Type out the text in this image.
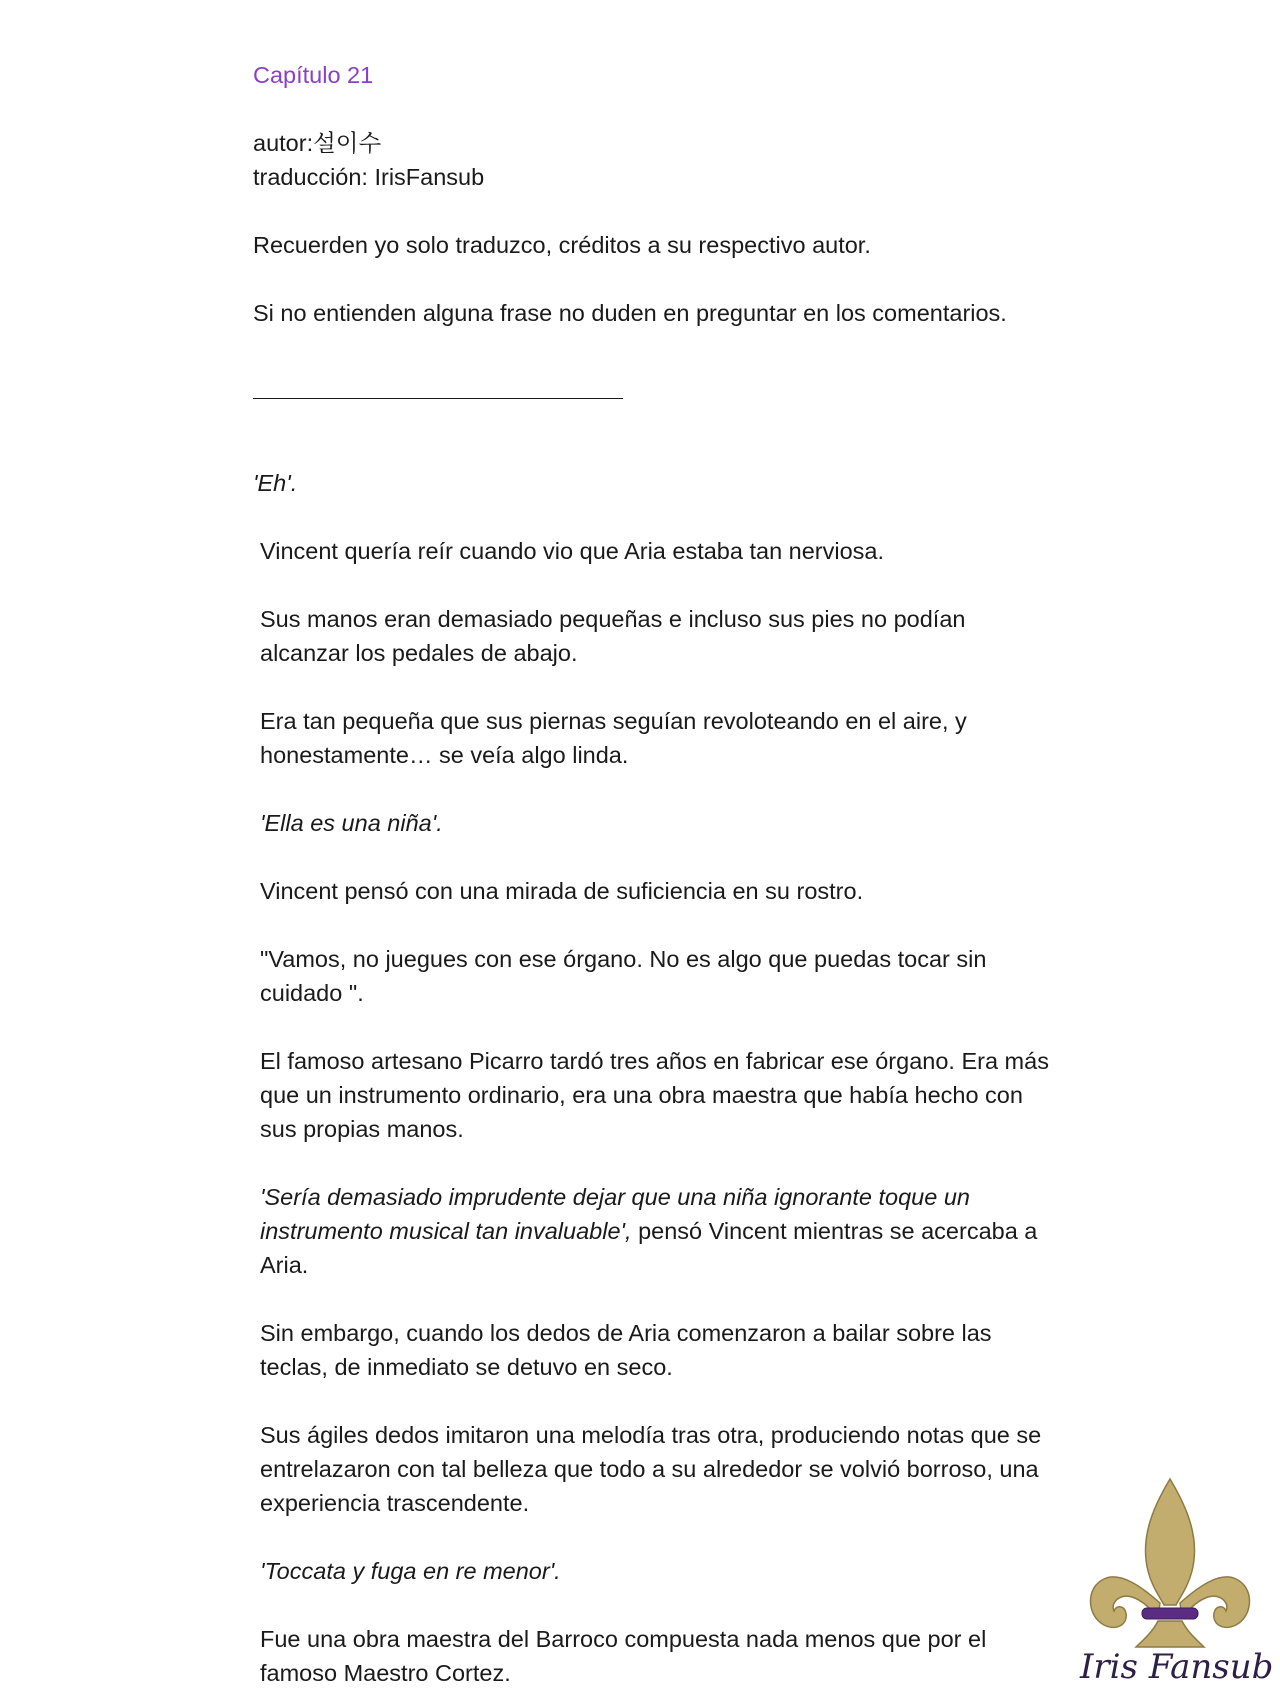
Capítulo 21

autor:설이수

traducción: IrisFansub

Recuerden yo solo traduzco, créditos a su respectivo autor.

Si no entienden alguna frase no duden en preguntar en los comentarios.

'Eh'.

Vincent quería reír cuando vio que Aria estaba tan nerviosa.

Sus manos eran demasiado pequeñas e incluso sus pies no podían alcanzar los pedales de abajo.

Era tan pequeña que sus piernas seguían revoloteando en el aire, y honestamente… se veía algo linda.

'Ella es una niña'.

Vincent pensó con una mirada de suficiencia en su rostro.

"Vamos, no juegues con ese órgano. No es algo que puedas tocar sin cuidado ".

El famoso artesano Picarro tardó tres años en fabricar ese órgano. Era más que un instrumento ordinario, era una obra maestra que había hecho con sus propias manos.

'Sería demasiado imprudente dejar que una niña ignorante toque un instrumento musical tan invaluable', pensó Vincent mientras se acercaba a Aria.

Sin embargo, cuando los dedos de Aria comenzaron a bailar sobre las teclas, de inmediato se detuvo en seco.

Sus ágiles dedos imitaron una melodía tras otra, produciendo notas que se entrelazaron con tal belleza que todo a su alrededor se volvió borroso, una experiencia trascendente.

'Toccata y fuga en re menor'.

Fue una obra maestra del Barroco compuesta nada menos que por el famoso Maestro Cortez.	Iris Fansub
